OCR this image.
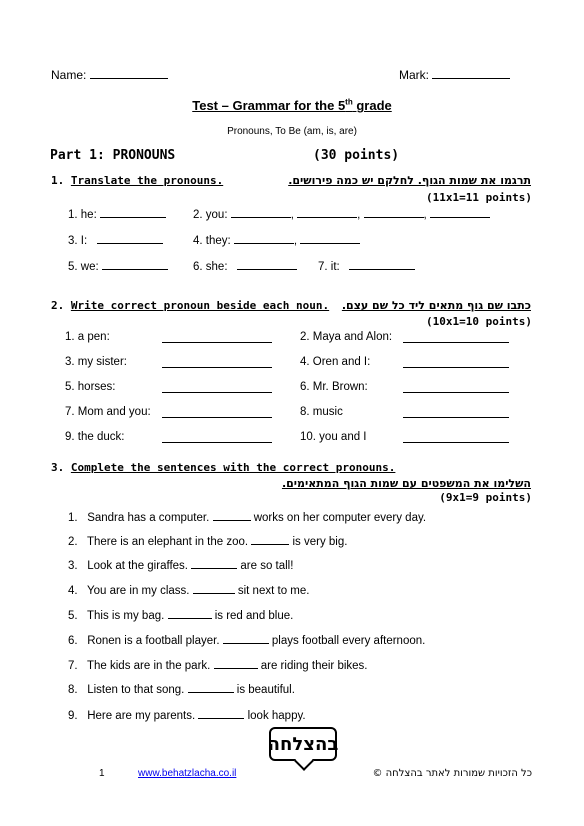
Name:	Mark:
Test – Grammar for the 5th grade
Pronouns, To Be (am, is, are)
Part 1: PRONOUNS	(30 points)
1. Translate the pronouns.	תרגמו את שמות הגוף. לחלקם יש כמה פירושים.
(11x1=11 points)
1. he:	2. you:	,	,	,
3. I:	4. they:	,
5. we:	6. she:	7. it:
2. Write correct pronoun beside each noun. כתבו שם גוף מתאים ליד כל שם עצם.
(10x1=10 points)
1. a pen:	2. Maya and Alon:
3. my sister:	4. Oren and I:
5. horses:	6. Mr. Brown:
7. Mom and you:	8. music
9. the duck:	10. you and I
3. Complete the sentences with the correct pronouns.
השלימו את המשפטים עם שמות הגוף המתאימים.
(9x1=9 points)
1. Sandra has a computer.	works on her computer every day.
2. There is an elephant in the zoo.	is very big.
3. Look at the giraffes.	are so tall!
4. You are in my class.	sit next to me.
5. This is my bag.	is red and blue.
6. Ronen is a football player.	plays football every afternoon.
7. The kids are in the park.	are riding their bikes.
8. Listen to that song.	is beautiful.
9. Here are my parents.	look happy.
בהצלחה
1	www.behatzlacha.co.il	כל הזכויות שמורות לאתר בהצלחה ©
